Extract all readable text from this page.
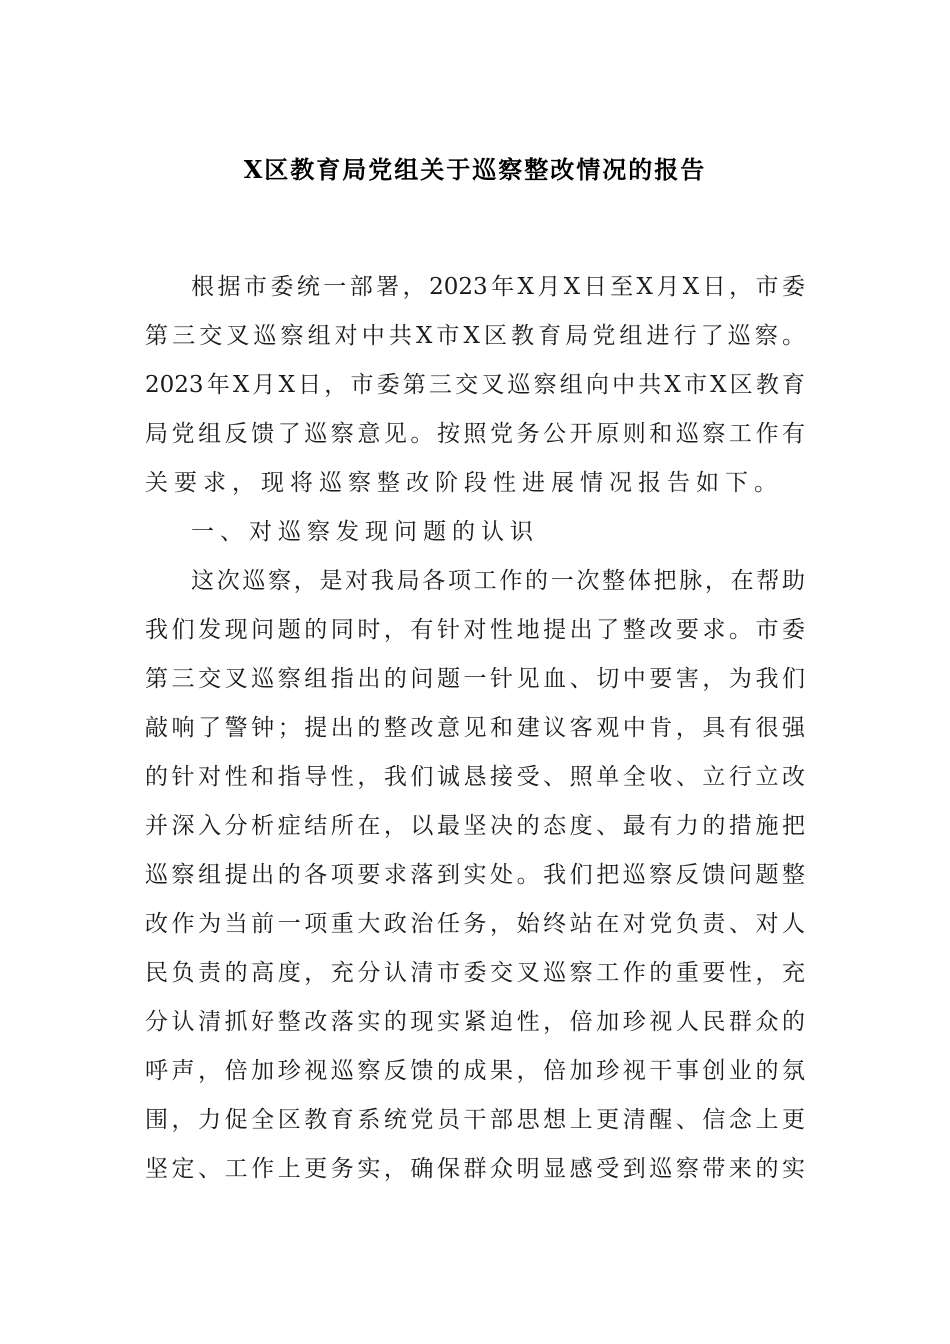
X区教育局党组关于巡察整改情况的报告
根据市委统一部署，2023年X月X日至X月X日，市委
第三交叉巡察组对中共X市X区教育局党组进行了巡察。
2023年X月X日，市委第三交叉巡察组向中共X市X区教育
局党组反馈了巡察意见。按照党务公开原则和巡察工作有
关要求，现将巡察整改阶段性进展情况报告如下。
一、对巡察发现问题的认识
这次巡察，是对我局各项工作的一次整体把脉，在帮助
我们发现问题的同时，有针对性地提出了整改要求。市委
第三交叉巡察组指出的问题一针见血、切中要害，为我们
敲响了警钟；提出的整改意见和建议客观中肯，具有很强
的针对性和指导性，我们诚恳接受、照单全收、立行立改
并深入分析症结所在，以最坚决的态度、最有力的措施把
巡察组提出的各项要求落到实处。我们把巡察反馈问题整
改作为当前一项重大政治任务，始终站在对党负责、对人
民负责的高度，充分认清市委交叉巡察工作的重要性，充
分认清抓好整改落实的现实紧迫性，倍加珍视人民群众的
呼声，倍加珍视巡察反馈的成果，倍加珍视干事创业的氛
围，力促全区教育系统党员干部思想上更清醒、信念上更
坚定、工作上更务实，确保群众明显感受到巡察带来的实
